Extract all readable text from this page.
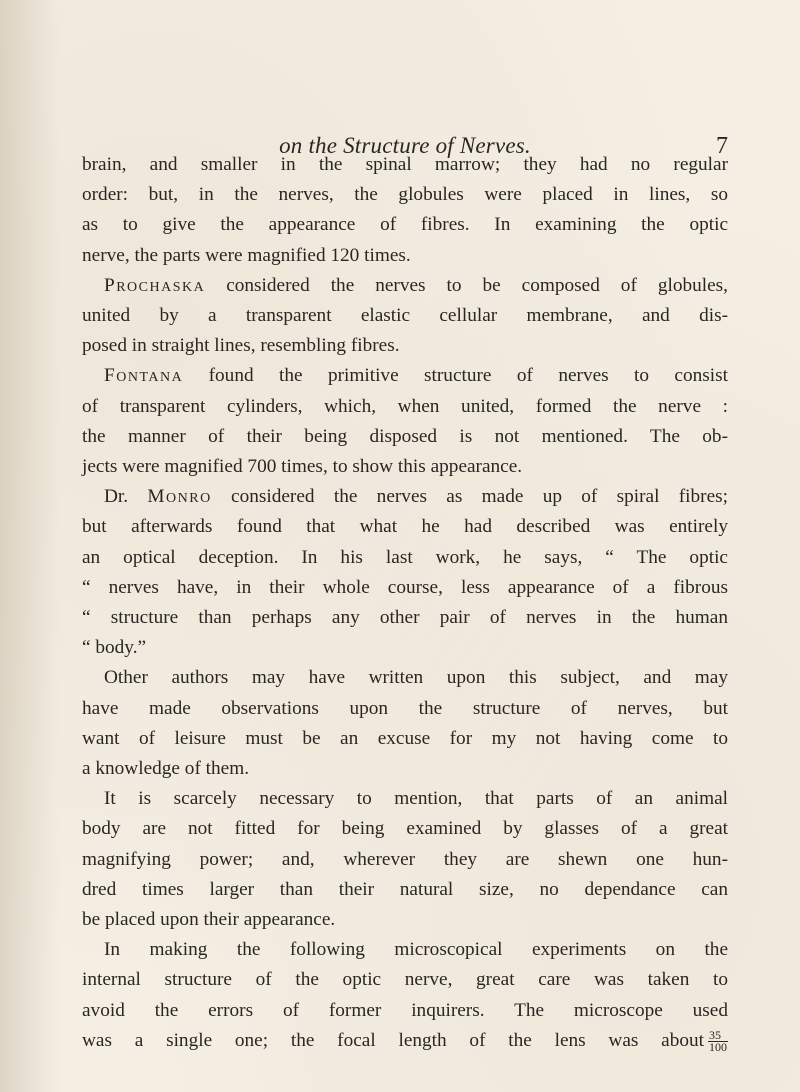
on the Structure of Nerves.	7

brain, and smaller in the spinal marrow; they had no regular
order: but, in the nerves, the globules were placed in lines, so
as to give the appearance of fibres. In examining the optic
nerve, the parts were magnified 120 times.

Prochaska considered the nerves to be composed of globules,
united by a transparent elastic cellular membrane, and dis-
posed in straight lines, resembling fibres.

Fontana found the primitive structure of nerves to consist
of transparent cylinders, which, when united, formed the nerve :
the manner of their being disposed is not mentioned. The ob-
jects were magnified 700 times, to show this appearance.

Dr. Monro considered the nerves as made up of spiral fibres;
but afterwards found that what he had described was entirely
an optical deception. In his last work, he says, “ The optic
“ nerves have, in their whole course, less appearance of a fibrous
“ structure than perhaps any other pair of nerves in the human
“ body.”

Other authors may have written upon this subject, and may
have made observations upon the structure of nerves, but
want of leisure must be an excuse for my not having come to
a knowledge of them.

It is scarcely necessary to mention, that parts of an animal
body are not fitted for being examined by glasses of a great
magnifying power; and, wherever they are shewn one hun-
dred times larger than their natural size, no dependance can
be placed upon their appearance.

In making the following microscopical experiments on the
internal structure of the optic nerve, great care was taken to
avoid the errors of former inquirers. The microscope used
was a single one; the focal length of the lens was about $\frac{35}{100}$
